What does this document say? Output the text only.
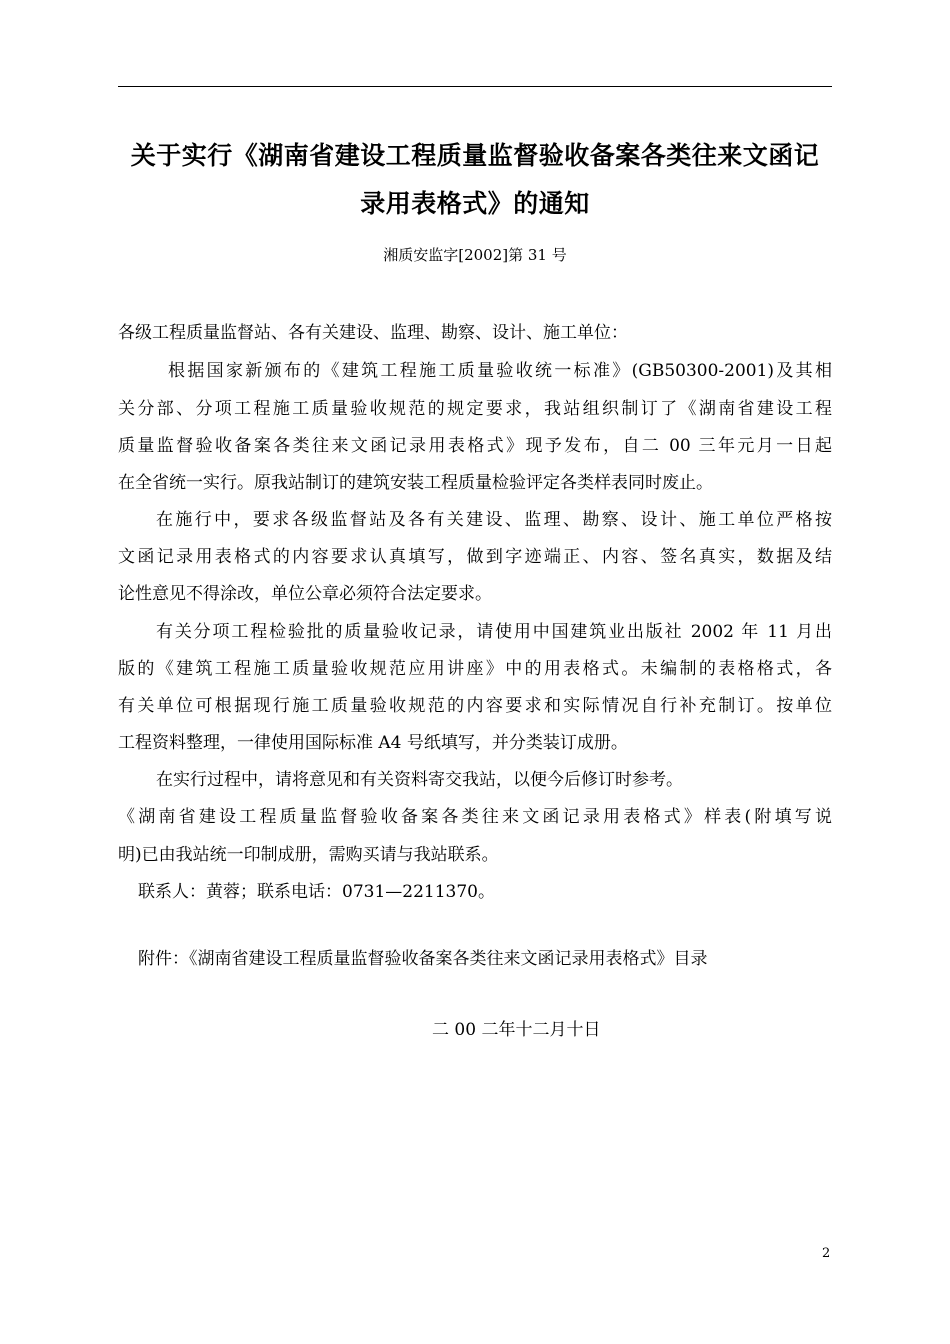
关于实行《湖南省建设工程质量监督验收备案各类往来文函记
录用表格式》的通知
湘质安监字[2002]第 31 号
各级工程质量监督站、各有关建设、监理、勘察、设计、施工单位：
根据国家新颁布的《建筑工程施工质量验收统一标准》(GB50300-2001)及其相
关分部、分项工程施工质量验收规范的规定要求，我站组织制订了《湖南省建设工程
质量监督验收备案各类往来文函记录用表格式》现予发布，自二 00 三年元月一日起
在全省统一实行。原我站制订的建筑安装工程质量检验评定各类样表同时废止。
在施行中，要求各级监督站及各有关建设、监理、勘察、设计、施工单位严格按
文函记录用表格式的内容要求认真填写，做到字迹端正、内容、签名真实，数据及结
论性意见不得涂改，单位公章必须符合法定要求。
有关分项工程检验批的质量验收记录，请使用中国建筑业出版社 2002 年 11 月出
版的《建筑工程施工质量验收规范应用讲座》中的用表格式。未编制的表格格式，各
有关单位可根据现行施工质量验收规范的内容要求和实际情况自行补充制订。按单位
工程资料整理，一律使用国际标准 A4 号纸填写，并分类装订成册。
在实行过程中，请将意见和有关资料寄交我站，以便今后修订时参考。
《湖南省建设工程质量监督验收备案各类往来文函记录用表格式》样表(附填写说
明)已由我站统一印制成册，需购买请与我站联系。
联系人：黄蓉；联系电话：0731—2211370。
附件：《湖南省建设工程质量监督验收备案各类往来文函记录用表格式》目录
二 00 二年十二月十日
2
